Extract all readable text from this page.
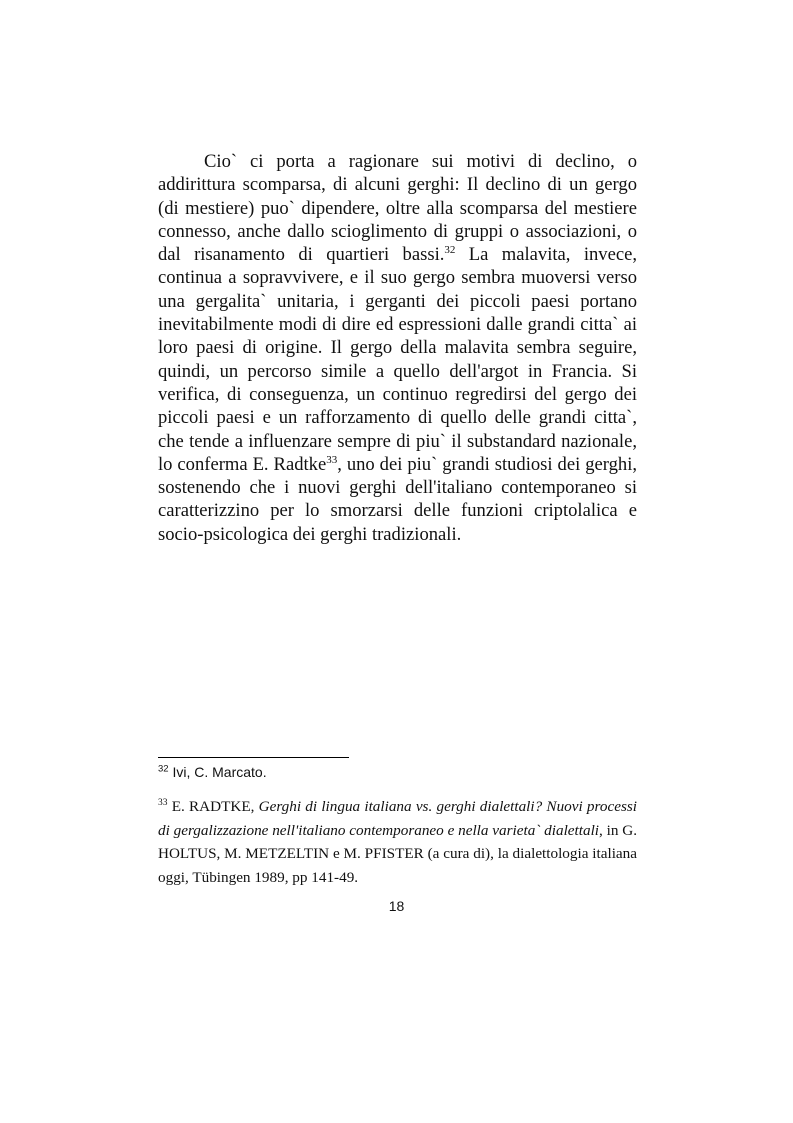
Cio` ci porta a ragionare sui motivi di declino, o addirittura scomparsa, di alcuni gerghi: Il declino di un gergo (di mestiere) puo` dipendere, oltre alla scomparsa del mestiere connesso, anche dallo scioglimento di gruppi o associazioni, o dal risanamento di quartieri bassi.$^{32}$ La malavita, invece, continua a sopravvivere, e il suo gergo sembra muoversi verso una gergalita` unitaria, i gerganti dei piccoli paesi portano inevitabilmente modi di dire ed espressioni dalle grandi citta` ai loro paesi di origine. Il gergo della malavita sembra seguire, quindi, un percorso simile a quello dell'argot in Francia. Si verifica, di conseguenza, un continuo regredirsi del gergo dei piccoli paesi e un rafforzamento di quello delle grandi citta`, che tende a influenzare sempre di piu` il substandard nazionale, lo conferma E. Radtke$^{33}$, uno dei piu` grandi studiosi dei gerghi, sostenendo che i nuovi gerghi dell'italiano contemporaneo si caratterizzino per lo smorzarsi delle funzioni criptolalica e socio-psicologica dei gerghi tradizionali.

$^{32}$ Ivi, C. Marcato.

$^{33}$ E. RADTKE, Gerghi di lingua italiana vs. gerghi dialettali? Nuovi processi di gergalizzazione nell'italiano contemporaneo e nella varieta` dialettali, in G. HOLTUS, M. METZELTIN e M. PFISTER (a cura di), la dialettologia italiana oggi, Tübingen 1989, pp 141-49.

18
